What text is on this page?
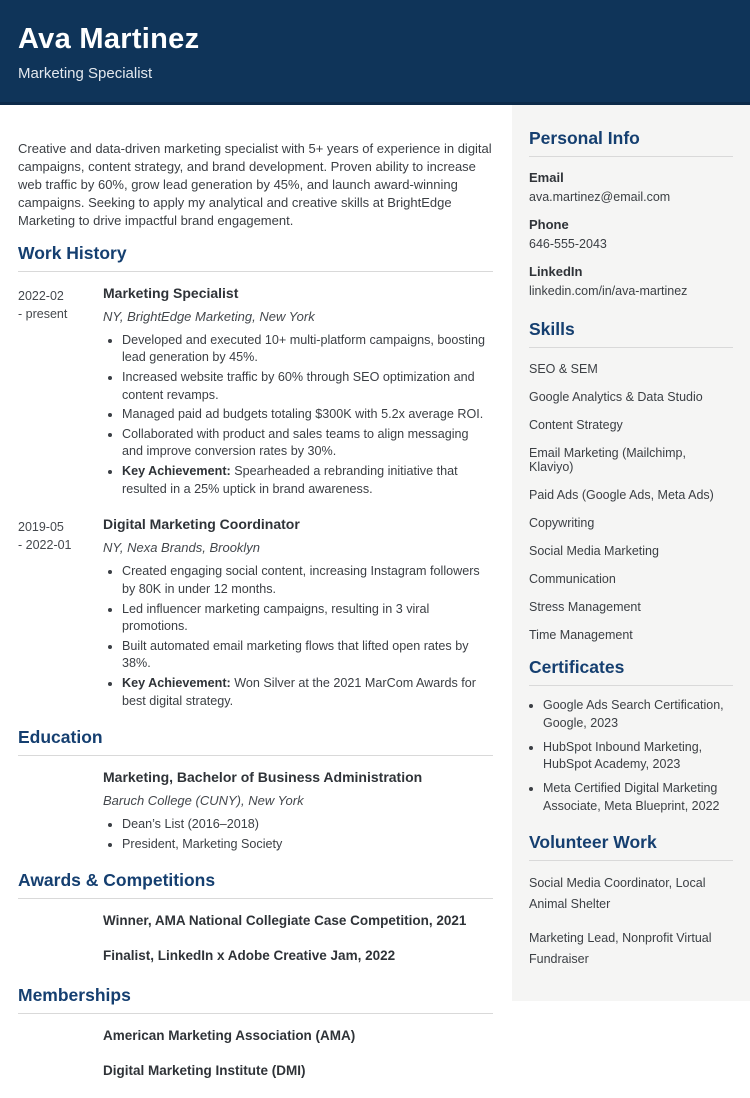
Ava Martinez
Marketing Specialist

Creative and data-driven marketing specialist with 5+ years of experience in digital campaigns, content strategy, and brand development. Proven ability to increase web traffic by 60%, grow lead generation by 45%, and launch award-winning campaigns. Seeking to apply my analytical and creative skills at BrightEdge Marketing to drive impactful brand engagement.

Work History
2022-02
- present
Marketing Specialist
NY, BrightEdge Marketing, New York
• Developed and executed 10+ multi-platform campaigns, boosting lead generation by 45%.
• Increased website traffic by 60% through SEO optimization and content revamps.
• Managed paid ad budgets totaling $300K with 5.2x average ROI.
• Collaborated with product and sales teams to align messaging and improve conversion rates by 30%.
• Key Achievement: Spearheaded a rebranding initiative that resulted in a 25% uptick in brand awareness.
2019-05
- 2022-01
Digital Marketing Coordinator
NY, Nexa Brands, Brooklyn
• Created engaging social content, increasing Instagram followers by 80K in under 12 months.
• Led influencer marketing campaigns, resulting in 3 viral promotions.
• Built automated email marketing flows that lifted open rates by 38%.
• Key Achievement: Won Silver at the 2021 MarCom Awards for best digital strategy.
Education
Marketing, Bachelor of Business Administration
Baruch College (CUNY), New York
• Dean’s List (2016–2018)
• President, Marketing Society
Awards & Competitions
Winner, AMA National Collegiate Case Competition, 2021
Finalist, LinkedIn x Adobe Creative Jam, 2022
Memberships
American Marketing Association (AMA)
Digital Marketing Institute (DMI)
Personal Info
Email
ava.martinez@email.com
Phone
646-555-2043
LinkedIn
linkedin.com/in/ava-martinez
Skills
SEO & SEM
Google Analytics & Data Studio
Content Strategy
Email Marketing (Mailchimp, Klaviyo)
Paid Ads (Google Ads, Meta Ads)
Copywriting
Social Media Marketing
Communication
Stress Management
Time Management
Certificates
• Google Ads Search Certification, Google, 2023
• HubSpot Inbound Marketing, HubSpot Academy, 2023
• Meta Certified Digital Marketing Associate, Meta Blueprint, 2022
Volunteer Work
Social Media Coordinator, Local Animal Shelter
Marketing Lead, Nonprofit Virtual Fundraiser
